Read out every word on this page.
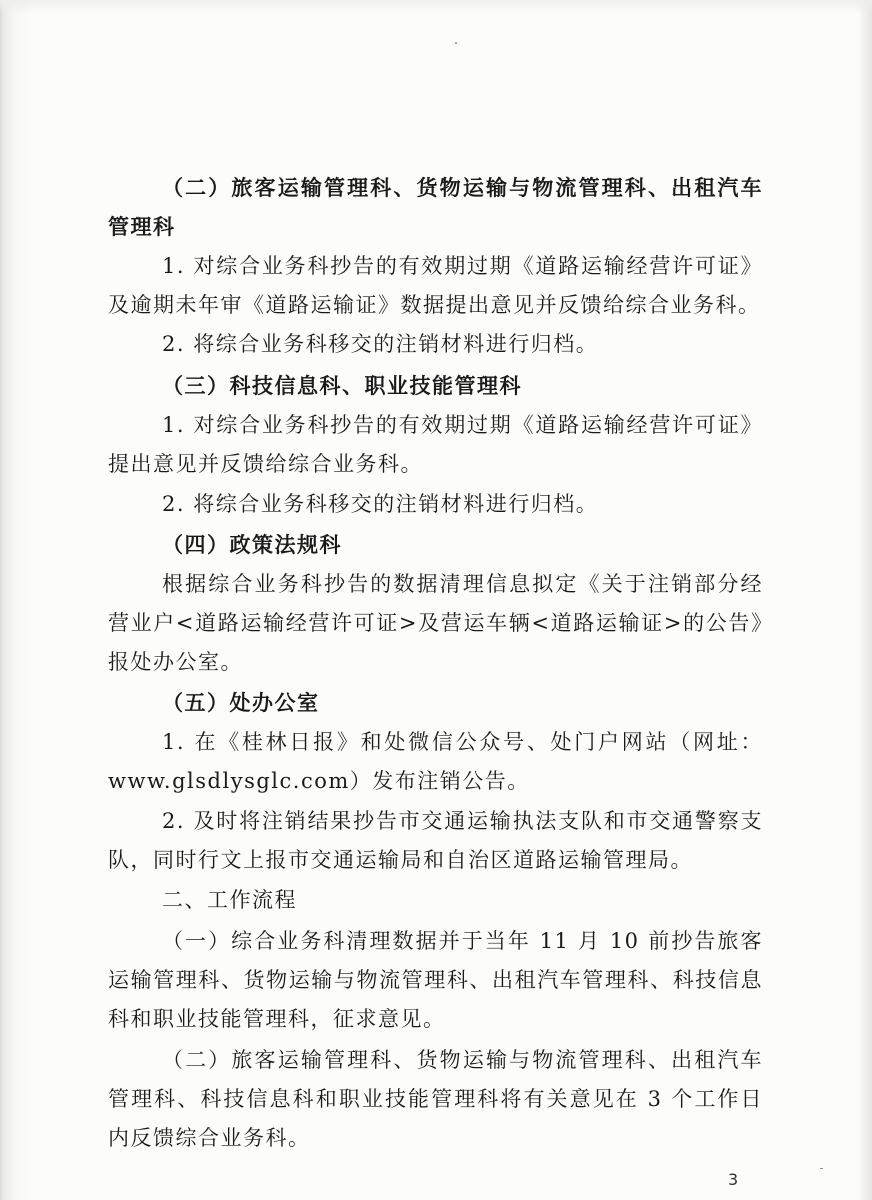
（二）旅客运输管理科、货物运输与物流管理科、出租汽车管理科

1. 对综合业务科抄告的有效期过期《道路运输经营许可证》及逾期未年审《道路运输证》数据提出意见并反馈给综合业务科。

2. 将综合业务科移交的注销材料进行归档。

（三）科技信息科、职业技能管理科

1. 对综合业务科抄告的有效期过期《道路运输经营许可证》提出意见并反馈给综合业务科。

2. 将综合业务科移交的注销材料进行归档。

（四）政策法规科

根据综合业务科抄告的数据清理信息拟定《关于注销部分经营业户<道路运输经营许可证>及营运车辆<道路运输证>的公告》报处办公室。

（五）处办公室

1. 在《桂林日报》和处微信公众号、处门户网站（网址：www.glsdlysglc.com）发布注销公告。

2. 及时将注销结果抄告市交通运输执法支队和市交通警察支队，同时行文上报市交通运输局和自治区道路运输管理局。

二、工作流程

（一）综合业务科清理数据并于当年 11 月 10 前抄告旅客运输管理科、货物运输与物流管理科、出租汽车管理科、科技信息科和职业技能管理科，征求意见。

（二）旅客运输管理科、货物运输与物流管理科、出租汽车管理科、科技信息科和职业技能管理科将有关意见在 3 个工作日内反馈综合业务科。

3
